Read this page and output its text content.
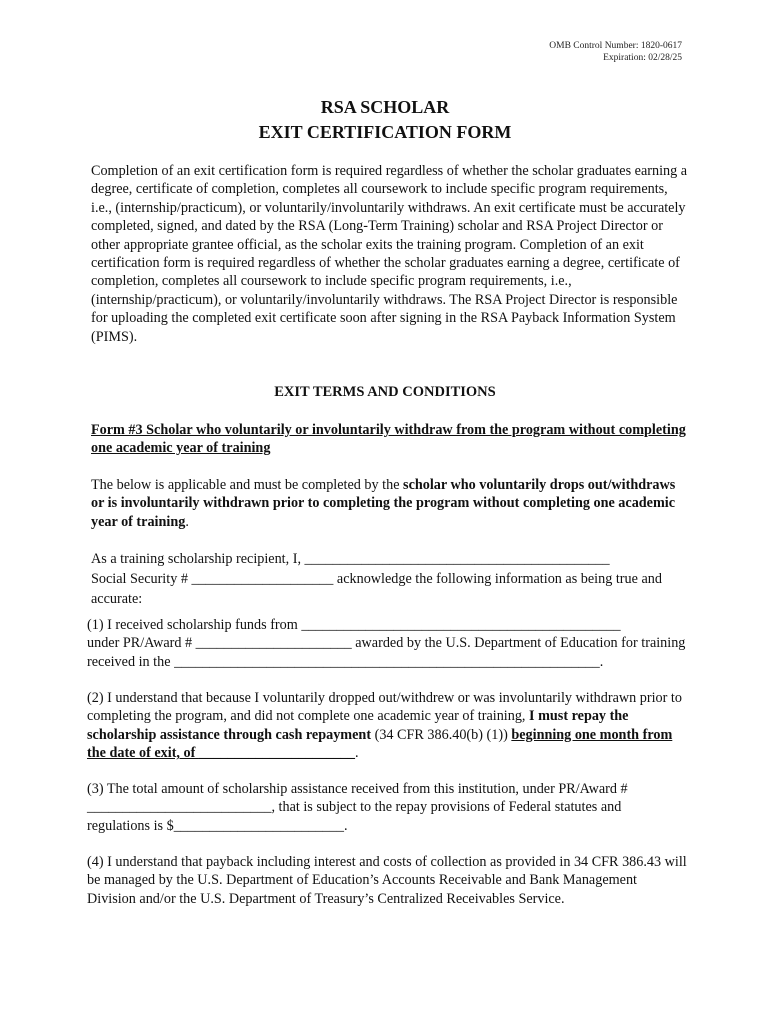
OMB Control Number: 1820-0617
Expiration: 02/28/25
RSA SCHOLAR
EXIT CERTIFICATION FORM
Completion of an exit certification form is required regardless of whether the scholar graduates earning a degree, certificate of completion, completes all coursework to include specific program requirements, i.e., (internship/practicum), or voluntarily/involuntarily withdraws. An exit certificate must be accurately completed, signed, and dated by the RSA (Long-Term Training) scholar and RSA Project Director or other appropriate grantee official, as the scholar exits the training program. Completion of an exit certification form is required regardless of whether the scholar graduates earning a degree, certificate of completion, completes all coursework to include specific program requirements, i.e., (internship/practicum), or voluntarily/involuntarily withdraws. The RSA Project Director is responsible for uploading the completed exit certificate soon after signing in the RSA Payback Information System (PIMS).
EXIT TERMS AND CONDITIONS
Form #3 Scholar who voluntarily or involuntarily withdraw from the program without completing one academic year of training
The below is applicable and must be completed by the scholar who voluntarily drops out/withdraws or is involuntarily withdrawn prior to completing the program without completing one academic year of training.
As a training scholarship recipient, I, ___________________________________________
Social Security # ____________________ acknowledge the following information as being true and accurate:
(1) I received scholarship funds from _____________________________________________
under PR/Award # ______________________ awarded by the U.S. Department of Education for training received in the ____________________________________________________________.
(2) I understand that because I voluntarily dropped out/withdrew or was involuntarily withdrawn prior to completing the program, and did not complete one academic year of training, I must repay the scholarship assistance through cash repayment (34 CFR 386.40(b) (1)) beginning one month from the date of exit, of ______________________.
(3) The total amount of scholarship assistance received from this institution, under PR/Award #
__________________________, that is subject to the repay provisions of Federal statutes and regulations is $________________________.
(4) I understand that payback including interest and costs of collection as provided in 34 CFR 386.43 will be managed by the U.S. Department of Education’s Accounts Receivable and Bank Management Division and/or the U.S. Department of Treasury’s Centralized Receivables Service.
